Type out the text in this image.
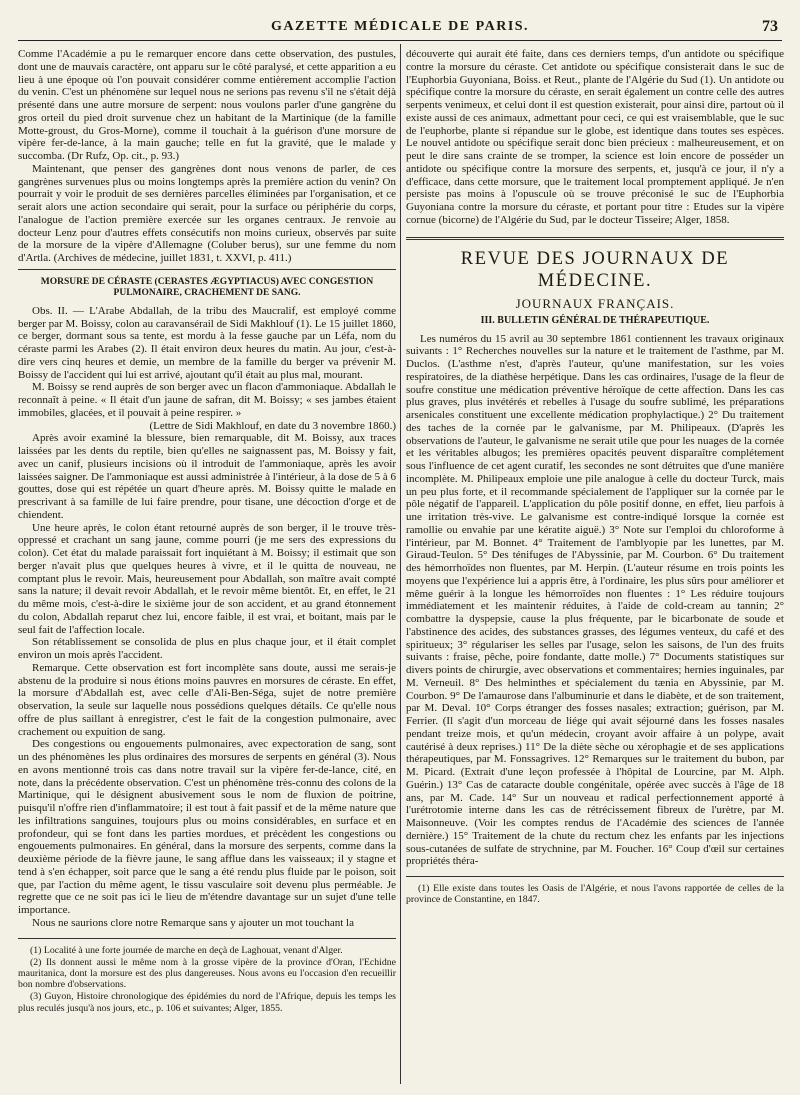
GAZETTE MÉDICALE DE PARIS.	73

Comme l'Académie a pu le remarquer encore dans cette observation, des pustules, dont une de mauvais caractère, ont apparu sur le côté paralysé, et cette apparition a eu lieu à une époque où l'on pouvait considérer comme entièrement accomplie l'action du venin. C'est un phénomène sur lequel nous ne serions pas revenu s'il ne s'était déjà présenté dans une autre morsure de serpent: nous voulons parler d'une gangrène du gros orteil du pied droit survenue chez un habitant de la Martinique (de la famille Motte-groust, du Gros-Morne), comme il touchait à la guérison d'une morsure de vipère fer-de-lance, à la main gauche; telle en fut la gravité, que le malade y succomba. (Dr Rufz, Op. cit., p. 93.)

Maintenant, que penser des gangrènes dont nous venons de parler, de ces gangrènes survenues plus ou moins longtemps après la première action du venin? On pourrait y voir le produit de ses dernières parcelles éliminées par l'organisation, et ce serait alors une action secondaire qui serait, pour la surface ou périphérie du corps, l'analogue de l'action première exercée sur les organes centraux. Je renvoie au docteur Lenz pour d'autres effets consécutifs non moins curieux, observés par suite de la morsure de la vipère d'Allemagne (Coluber berus), sur une femme du nom d'Artla. (Archives de médecine, juillet 1831, t. XXVI, p. 411.)

MORSURE DE CÉRASTE (CERASTES ÆGYPTIACUS) AVEC CONGESTION PULMONAIRE, CRACHEMENT DE SANG.

Obs. II. — L'Arabe Abdallah, de la tribu des Maucralif, est employé comme berger par M. Boissy, colon au caravansérail de Sidi Makhlouf (1). Le 15 juillet 1860, ce berger, dormant sous sa tente, est mordu à la fesse gauche par un Léfa, nom du céraste parmi les Arabes (2). Il était environ deux heures du matin. Au jour, c'est-à-dire vers cinq heures et demie, un membre de la famille du berger va prévenir M. Boissy de l'accident qui lui est arrivé, ajoutant qu'il était au plus mal, mourant.

M. Boissy se rend auprès de son berger avec un flacon d'ammoniaque. Abdallah le reconnaît à peine. « Il était d'un jaune de safran, dit M. Boissy; « ses jambes étaient immobiles, glacées, et il pouvait à peine respirer. »

(Lettre de Sidi Makhlouf, en date du 3 novembre 1860.)

Après avoir examiné la blessure, bien remarquable, dit M. Boissy, aux traces laissées par les dents du reptile, bien qu'elles ne saignassent pas, M. Boissy y fait, avec un canif, plusieurs incisions où il introduit de l'ammoniaque, après les avoir laissées saigner. De l'ammoniaque est aussi administrée à l'intérieur, à la dose de 5 à 6 gouttes, dose qui est répétée un quart d'heure après. M. Boissy quitte le malade en prescrivant à sa famille de lui faire prendre, pour tisane, une décoction d'orge et de chiendent.

Une heure après, le colon étant retourné auprès de son berger, il le trouve très-oppressé et crachant un sang jaune, comme pourri (je me sers des expressions du colon). Cet état du malade paraissait fort inquiétant à M. Boissy; il estimait que son berger n'avait plus que quelques heures à vivre, et il le quitta de nouveau, ne comptant plus le revoir. Mais, heureusement pour Abdallah, son maître avait compté sans la nature; il devait revoir Abdallah, et le revoir même bientôt. Et, en effet, le 21 du même mois, c'est-à-dire le sixième jour de son accident, et au grand étonnement du colon, Abdallah reparut chez lui, encore faible, il est vrai, et boitant, mais par le seul fait de l'affection locale.

Son rétablissement se consolida de plus en plus chaque jour, et il était complet environ un mois après l'accident.

Remarque. Cette observation est fort incomplète sans doute, aussi me serais-je abstenu de la produire si nous étions moins pauvres en morsures de céraste. En effet, la morsure d'Abdallah est, avec celle d'Ali-Ben-Séga, sujet de notre première observation, la seule sur laquelle nous possédions quelques détails. Ce qu'elle nous offre de plus saillant à enregistrer, c'est le fait de la congestion pulmonaire, avec crachement ou expuition de sang.

Des congestions ou engouements pulmonaires, avec expectoration de sang, sont un des phénomènes les plus ordinaires des morsures de serpents en général (3). Nous en avons mentionné trois cas dans notre travail sur la vipère fer-de-lance, cité, en note, dans la précédente observation. C'est un phénomène très-connu des colons de la Martinique, qui le désignent abusivement sous le nom de fluxion de poitrine, puisqu'il n'offre rien d'inflammatoire; il est tout à fait passif et de la même nature que les infiltrations sanguines, toujours plus ou moins considérables, en surface et en profondeur, qui se font dans les parties mordues, et précèdent les congestions ou engouements pulmonaires. En général, dans la morsure des serpents, comme dans la deuxième période de la fièvre jaune, le sang afflue dans les vaisseaux; il y stagne et tend à s'en échapper, soit parce que le sang a été rendu plus fluide par le poison, soit que, par l'action du même agent, le tissu vasculaire soit devenu plus perméable. Je regrette que ce ne soit pas ici le lieu de m'étendre davantage sur un sujet d'une telle importance.

Nous ne saurions clore notre Remarque sans y ajouter un mot touchant la

(1) Localité à une forte journée de marche en deçà de Laghouat, venant d'Alger.

(2) Ils donnent aussi le même nom à la grosse vipère de la province d'Oran, l'Echidne mauritanica, dont la morsure est des plus dangereuses. Nous avons eu l'occasion d'en recueillir bon nombre d'observations.

(3) Guyon, Histoire chronologique des épidémies du nord de l'Afrique, depuis les temps les plus reculés jusqu'à nos jours, etc., p. 106 et suivantes; Alger, 1855.

découverte qui aurait été faite, dans ces derniers temps, d'un antidote ou spécifique contre la morsure du céraste. Cet antidote ou spécifique consisterait dans le suc de l'Euphorbia Guyoniana, Boiss. et Reut., plante de l'Algérie du Sud (1). Un antidote ou spécifique contre la morsure du céraste, en serait également un contre celle des autres serpents venimeux, et celui dont il est question existerait, pour ainsi dire, partout où il existe aussi de ces animaux, admettant pour ceci, ce qui est vraisemblable, que le suc de l'euphorbe, plante si répandue sur le globe, est identique dans toutes ses espèces. Le nouvel antidote ou spécifique serait donc bien précieux : malheureusement, et on peut le dire sans crainte de se tromper, la science est loin encore de posséder un antidote ou spécifique contre la morsure des serpents, et, jusqu'à ce jour, il n'y a d'efficace, dans cette morsure, que le traitement local promptement appliqué. Je n'en persiste pas moins à l'opuscule où se trouve préconisé le suc de l'Euphorbia Guyoniana contre la morsure du céraste, et portant pour titre : Etudes sur la vipère cornue (bicorne) de l'Algérie du Sud, par le docteur Tisseire; Alger, 1858.

REVUE DES JOURNAUX DE MÉDECINE.
JOURNAUX FRANÇAIS.
III. BULLETIN GÉNÉRAL DE THÉRAPEUTIQUE.

Les numéros du 15 avril au 30 septembre 1861 contiennent les travaux originaux suivants : 1° Recherches nouvelles sur la nature et le traitement de l'asthme, par M. Duclos. (L'asthme n'est, d'après l'auteur, qu'une manifestation, sur les voies respiratoires, de la diathèse herpétique. Dans les cas ordinaires, l'usage de la fleur de soufre constitue une médication préventive héroïque de cette affection. Dans les cas plus graves, plus invétérés et rebelles à l'usage du soufre sublimé, les préparations arsenicales constituent une excellente médication prophylactique.) 2° Du traitement des taches de la cornée par le galvanisme, par M. Philipeaux. (D'après les observations de l'auteur, le galvanisme ne serait utile que pour les nuages de la cornée et les véritables albugos; les premières opacités peuvent disparaître complétement sous l'influence de cet agent curatif, les secondes ne sont détruites que d'une manière incomplète. M. Philipeaux emploie une pile analogue à celle du docteur Turck, mais un peu plus forte, et il recommande spécialement de l'appliquer sur la cornée par le pôle négatif de l'appareil. L'application du pôle positif donne, en effet, lieu parfois à une irritation très-vive. Le galvanisme est contre-indiqué lorsque la cornée est ramollie ou envahie par une kératite aiguë.) 3° Note sur l'emploi du chloroforme à l'intérieur, par M. Bonnet. 4° Traitement de l'amblyopie par les lunettes, par M. Giraud-Teulon. 5° Des ténifuges de l'Abyssinie, par M. Courbon. 6° Du traitement des hémorrhoïdes non fluentes, par M. Herpin. (L'auteur résume en trois points les moyens que l'expérience lui a appris être, à l'ordinaire, les plus sûrs pour améliorer et même guérir à la longue les hémorroïdes non fluentes : 1° Les réduire toujours immédiatement et les maintenir réduites, à l'aide de cold-cream au tannin; 2° combattre la dyspepsie, cause la plus fréquente, par le bicarbonate de soude et l'abstinence des acides, des substances grasses, des légumes venteux, du café et des spiritueux; 3° régulariser les selles par l'usage, selon les saisons, de l'un des fruits suivants : fraise, pêche, poire fondante, datte molle.) 7° Documents statistiques sur divers points de chirurgie, avec observations et commentaires; hernies inguinales, par M. Verneuil. 8° Des helminthes et spécialement du tænia en Abyssinie, par M. Courbon. 9° De l'amaurose dans l'albuminurie et dans le diabète, et de son traitement, par M. Deval. 10° Corps étranger des fosses nasales; extraction; guérison, par M. Ferrier. (Il s'agit d'un morceau de liége qui avait séjourné dans les fosses nasales pendant treize mois, et qu'un médecin, croyant avoir affaire à un polype, avait cautérisé à deux reprises.) 11° De la diète sèche ou xérophagie et de ses applications thérapeutiques, par M. Fonssagrives. 12° Remarques sur le traitement du bubon, par M. Picard. (Extrait d'une leçon professée à l'hôpital de Lourcine, par M. Alph. Guérin.) 13° Cas de cataracte double congénitale, opérée avec succès à l'âge de 18 ans, par M. Cade. 14° Sur un nouveau et radical perfectionnement apporté à l'urétrotomie interne dans les cas de rétrécissement fibreux de l'urètre, par M. Maisonneuve. (Voir les comptes rendus de l'Académie des sciences de l'année dernière.) 15° Traitement de la chute du rectum chez les enfants par les injections sous-cutanées de sulfate de strychnine, par M. Foucher. 16° Coup d'œil sur certaines propriétés théra-

(1) Elle existe dans toutes les Oasis de l'Algérie, et nous l'avons rapportée de celles de la province de Constantine, en 1847.
